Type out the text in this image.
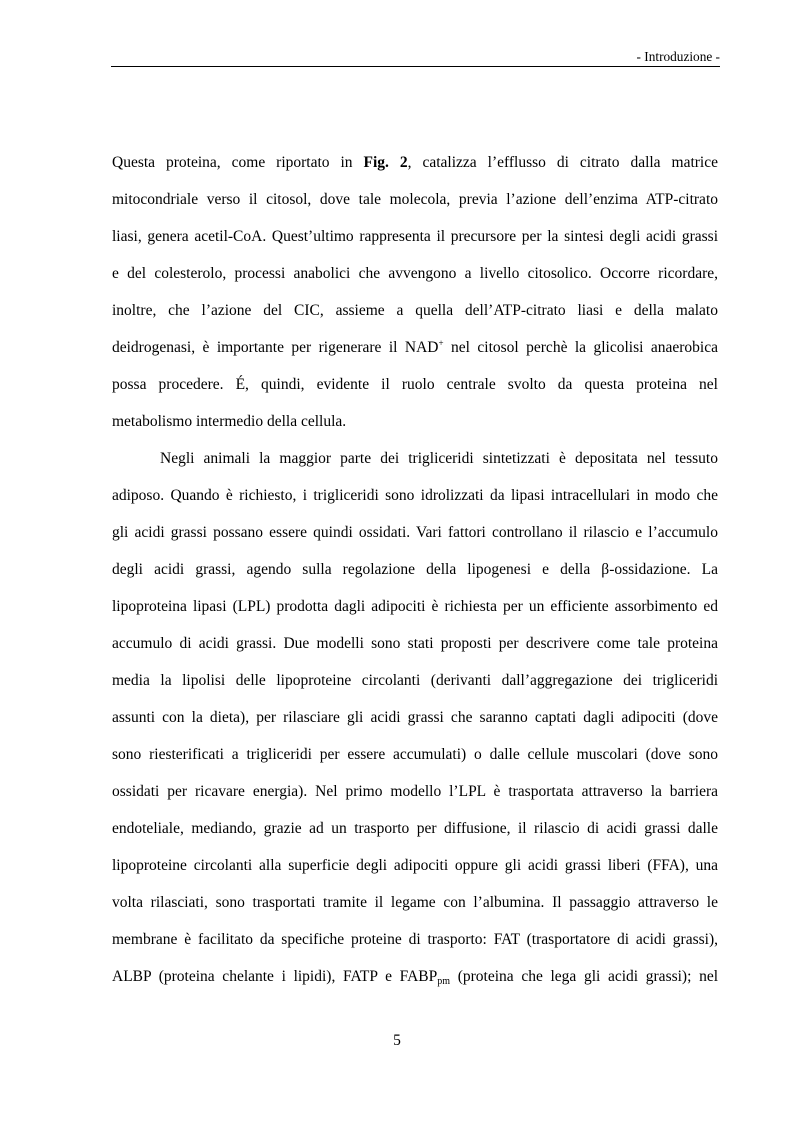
- Introduzione -
Questa proteina, come riportato in Fig. 2, catalizza l’efflusso di citrato dalla matrice
mitocondriale verso il citosol, dove tale molecola, previa l’azione dell’enzima ATP-citrato
liasi, genera acetil-CoA. Quest’ultimo rappresenta il precursore per la sintesi degli acidi grassi
e del colesterolo, processi anabolici che avvengono a livello citosolico. Occorre ricordare,
inoltre, che l’azione del CIC, assieme a quella dell’ATP-citrato liasi e della malato
deidrogenasi, è importante per rigenerare il NAD+ nel citosol perchè la glicolisi anaerobica
possa procedere. É, quindi, evidente il ruolo centrale svolto da questa proteina nel
metabolismo intermedio della cellula.
Negli animali la maggior parte dei trigliceridi sintetizzati è depositata nel tessuto
adiposo. Quando è richiesto, i trigliceridi sono idrolizzati da lipasi intracellulari in modo che
gli acidi grassi possano essere quindi ossidati. Vari fattori controllano il rilascio e l’accumulo
degli acidi grassi, agendo sulla regolazione della lipogenesi e della β-ossidazione. La
lipoproteina lipasi (LPL) prodotta dagli adipociti è richiesta per un efficiente assorbimento ed
accumulo di acidi grassi. Due modelli sono stati proposti per descrivere come tale proteina
media la lipolisi delle lipoproteine circolanti (derivanti dall’aggregazione dei trigliceridi
assunti con la dieta), per rilasciare gli acidi grassi che saranno captati dagli adipociti (dove
sono riesterificati a trigliceridi per essere accumulati) o dalle cellule muscolari (dove sono
ossidati per ricavare energia). Nel primo modello l’LPL è trasportata attraverso la barriera
endoteliale, mediando, grazie ad un trasporto per diffusione, il rilascio di acidi grassi dalle
lipoproteine circolanti alla superficie degli adipociti oppure gli acidi grassi liberi (FFA), una
volta rilasciati, sono trasportati tramite il legame con l’albumina. Il passaggio attraverso le
membrane è facilitato da specifiche proteine di trasporto: FAT (trasportatore di acidi grassi),
ALBP (proteina chelante i lipidi), FATP e $FABP_{pm}$ (proteina che lega gli acidi grassi); nel
5
